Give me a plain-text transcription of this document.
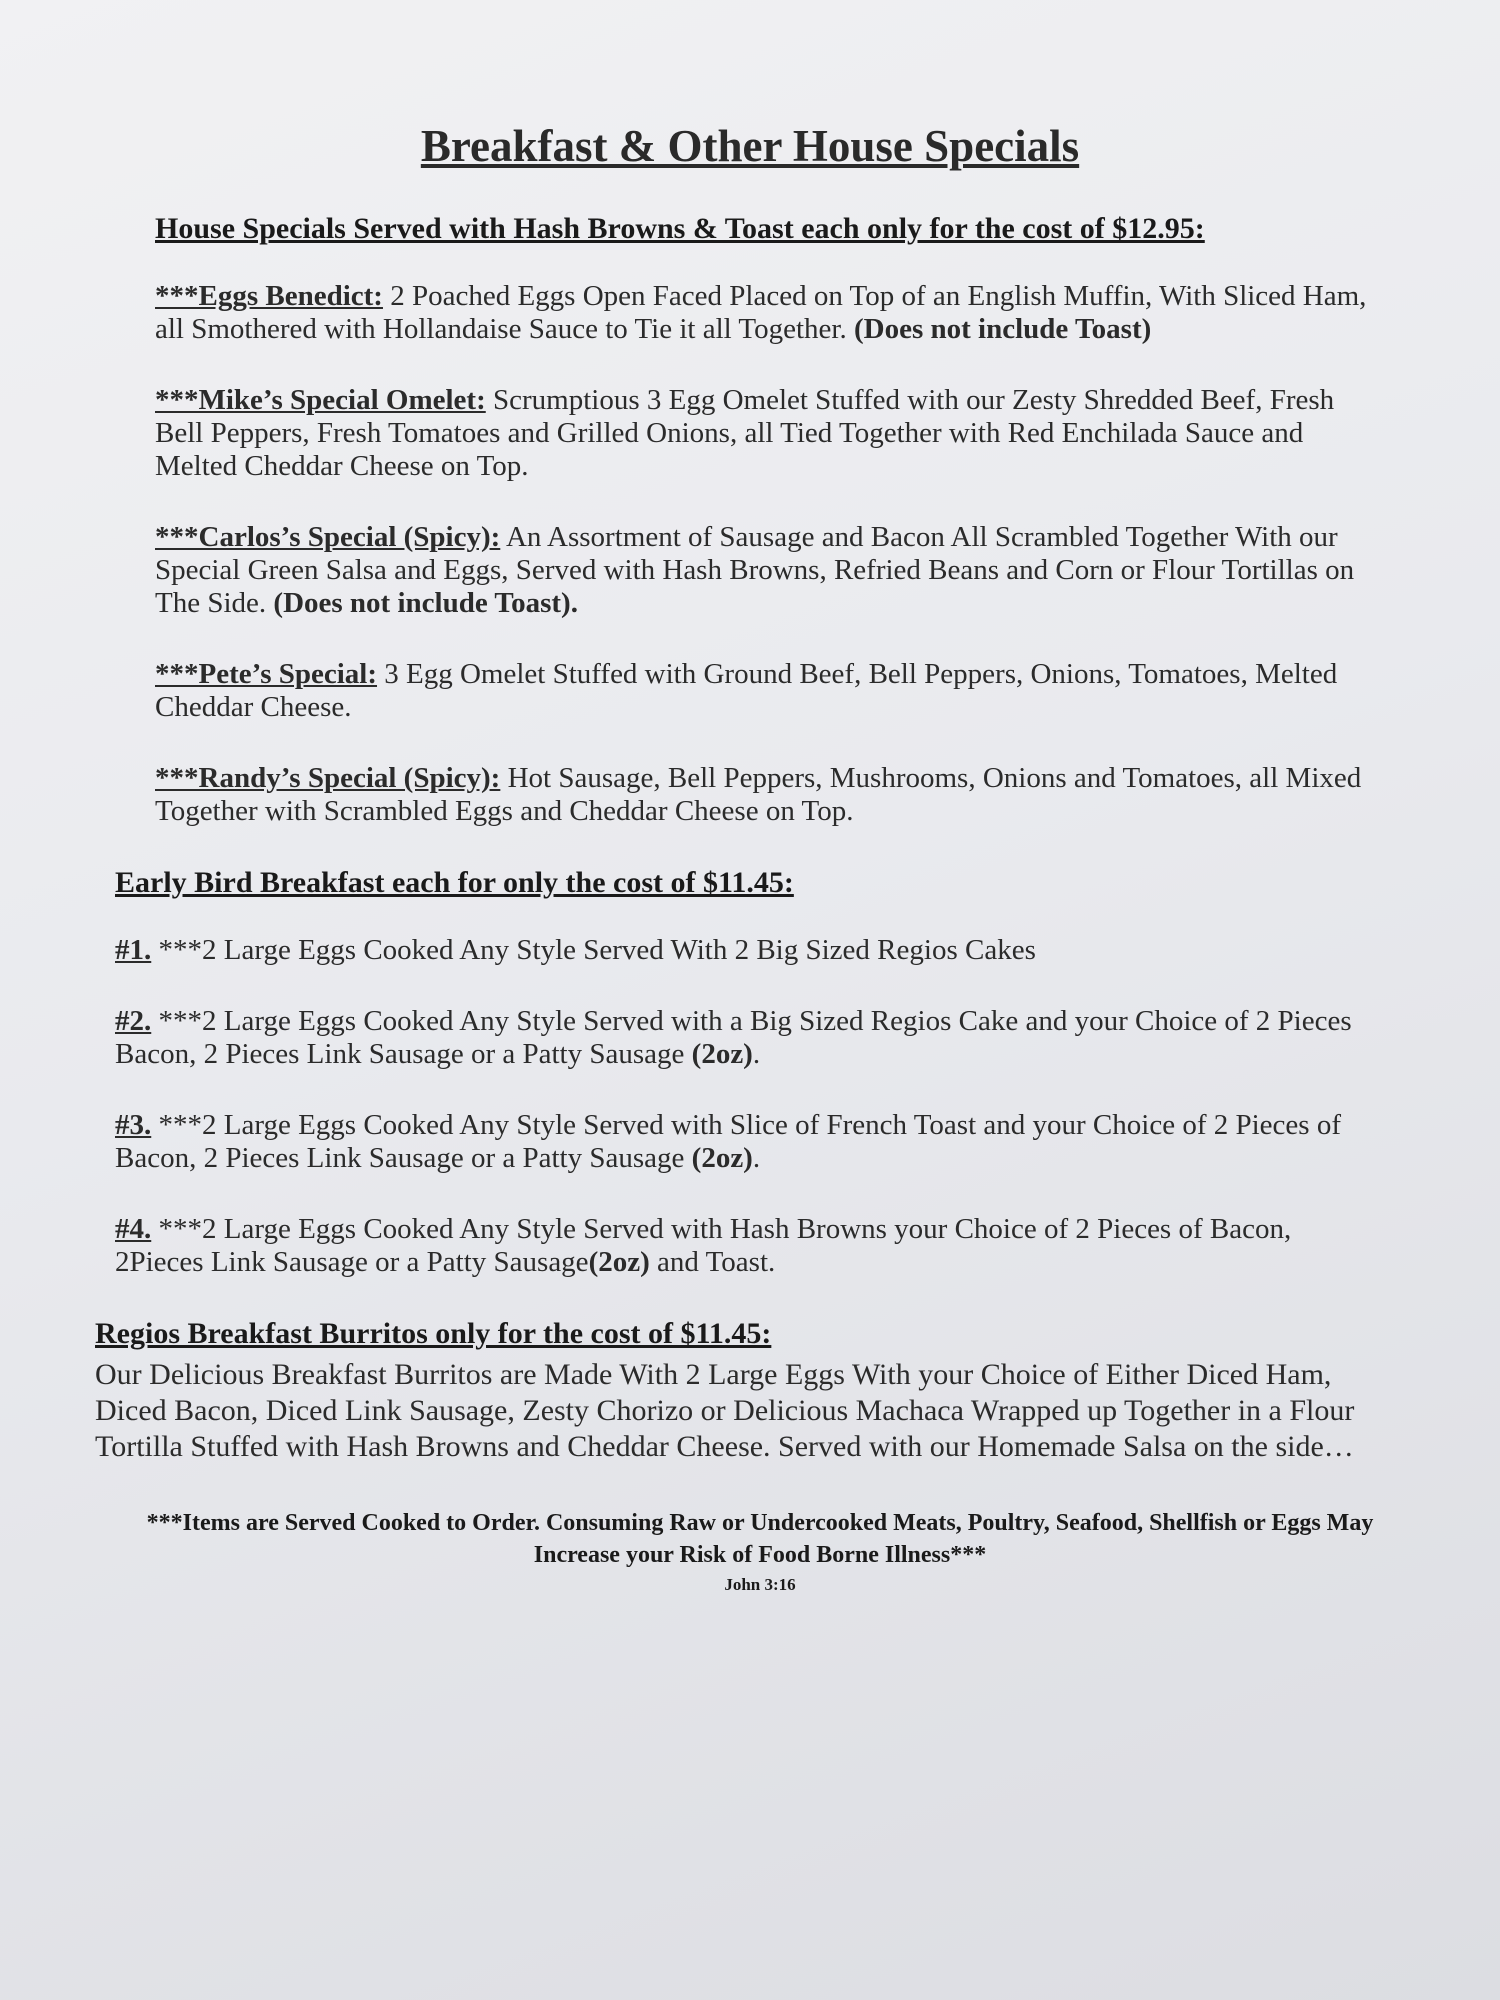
Breakfast & Other House Specials
House Specials Served with Hash Browns & Toast each only for the cost of $12.95:
***Eggs Benedict: 2 Poached Eggs Open Faced Placed on Top of an English Muffin, With Sliced Ham, all Smothered with Hollandaise Sauce to Tie it all Together. (Does not include Toast)
***Mike’s Special Omelet: Scrumptious 3 Egg Omelet Stuffed with our Zesty Shredded Beef, Fresh Bell Peppers, Fresh Tomatoes and Grilled Onions, all Tied Together with Red Enchilada Sauce and Melted Cheddar Cheese on Top.
***Carlos’s Special (Spicy): An Assortment of Sausage and Bacon All Scrambled Together With our Special Green Salsa and Eggs, Served with Hash Browns, Refried Beans and Corn or Flour Tortillas on The Side. (Does not include Toast).
***Pete’s Special: 3 Egg Omelet Stuffed with Ground Beef, Bell Peppers, Onions, Tomatoes, Melted Cheddar Cheese.
***Randy’s Special (Spicy): Hot Sausage, Bell Peppers, Mushrooms, Onions and Tomatoes, all Mixed Together with Scrambled Eggs and Cheddar Cheese on Top.
Early Bird Breakfast each for only the cost of $11.45:
#1. ***2 Large Eggs Cooked Any Style Served With 2 Big Sized Regios Cakes
#2. ***2 Large Eggs Cooked Any Style Served with a Big Sized Regios Cake and your Choice of 2 Pieces Bacon, 2 Pieces Link Sausage or a Patty Sausage (2oz).
#3. ***2 Large Eggs Cooked Any Style Served with Slice of French Toast and your Choice of 2 Pieces of Bacon, 2 Pieces Link Sausage or a Patty Sausage (2oz).
#4. ***2 Large Eggs Cooked Any Style Served with Hash Browns your Choice of 2 Pieces of Bacon, 2Pieces Link Sausage or a Patty Sausage(2oz) and Toast.
Regios Breakfast Burritos only for the cost of $11.45:
Our Delicious Breakfast Burritos are Made With 2 Large Eggs With your Choice of Either Diced Ham, Diced Bacon, Diced Link Sausage, Zesty Chorizo or Delicious Machaca Wrapped up Together in a Flour Tortilla Stuffed with Hash Browns and Cheddar Cheese. Served with our Homemade Salsa on the side…
***Items are Served Cooked to Order. Consuming Raw or Undercooked Meats, Poultry, Seafood, Shellfish or Eggs May Increase your Risk of Food Borne Illness***
John 3:16
